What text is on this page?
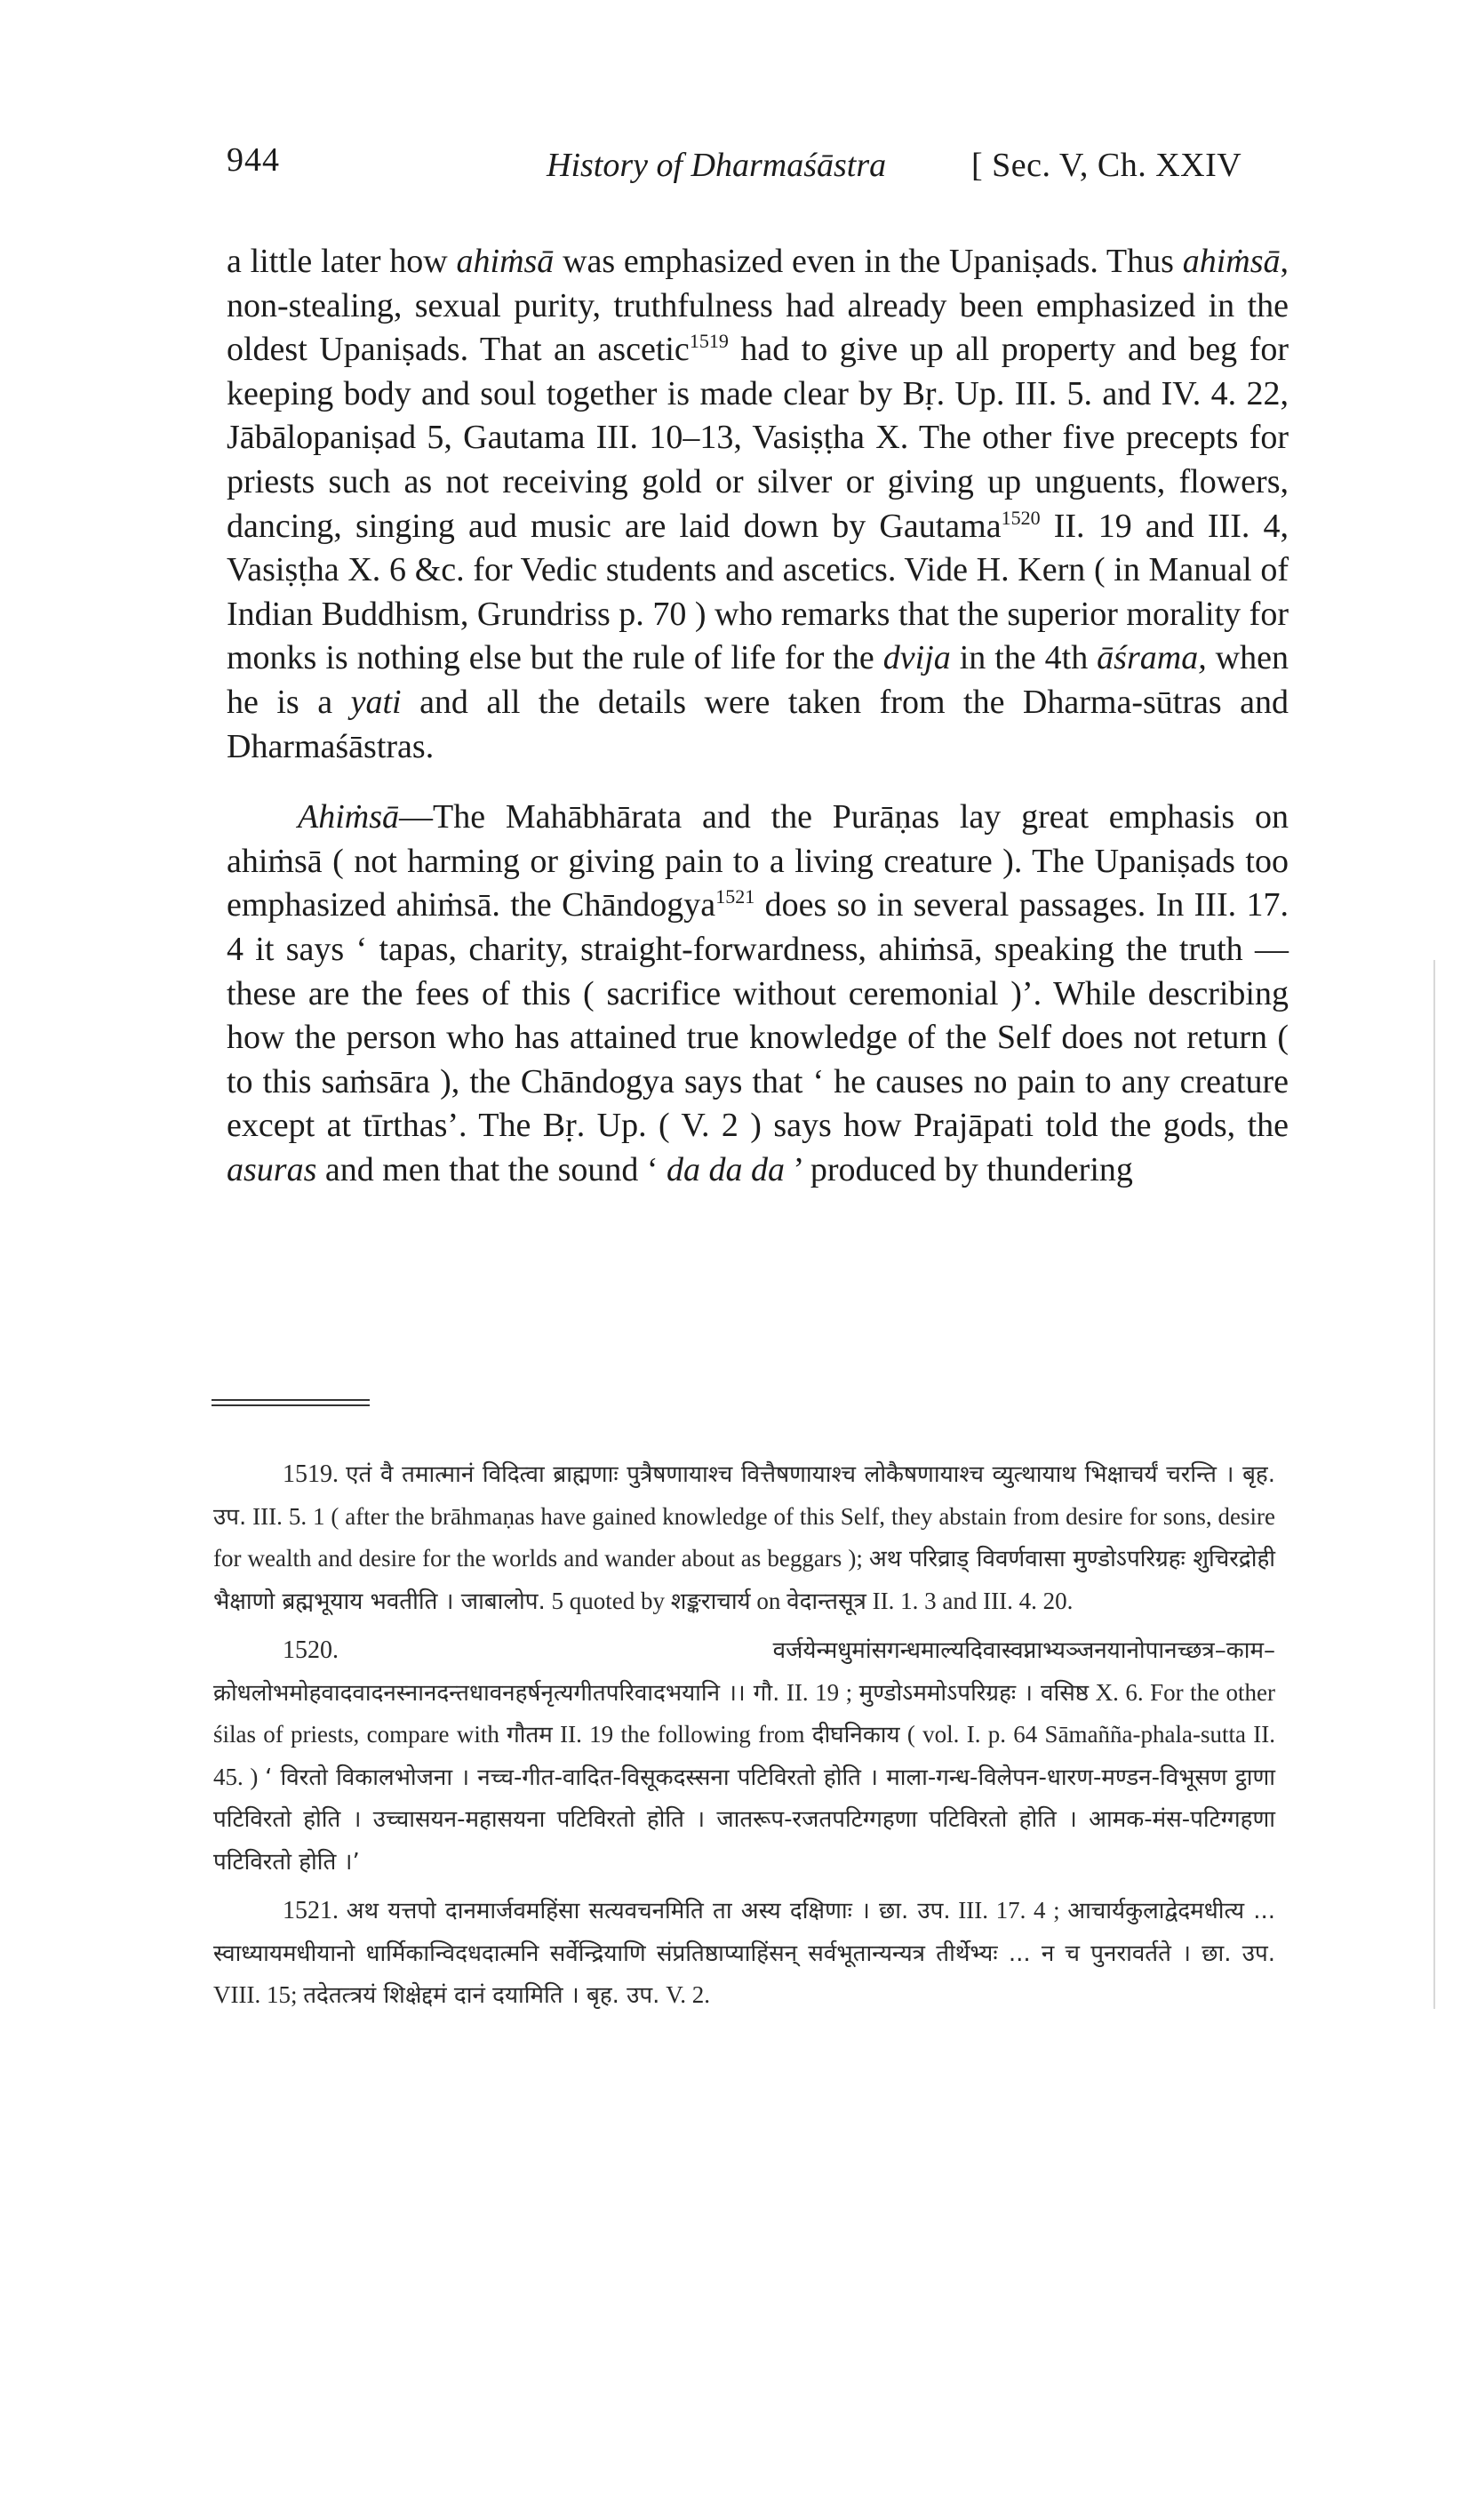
944	History of Dharmaśāstra	[ Sec. V, Ch. XXIV

a little later how ahiṁsā was emphasized even in the Upaniṣads. Thus ahiṁsā, non-stealing, sexual purity, truthfulness had already been emphasized in the oldest Upaniṣads. That an ascetic$^{1519}$ had to give up all property and beg for keeping body and soul together is made clear by Bṛ. Up. III. 5. and IV. 4. 22, Jābālopaniṣad 5, Gautama III. 10–13, Vasiṣṭha X. The other five precepts for priests such as not receiving gold or silver or giving up unguents, flowers, dancing, singing aud music are laid down by Gautama$^{1520}$ II. 19 and III. 4, Vasiṣṭha X. 6 &c. for Vedic students and ascetics. Vide H. Kern ( in Manual of Indian Buddhism, Grundriss p. 70 ) who remarks that the superior morality for monks is nothing else but the rule of life for the dvija in the 4th āśrama, when he is a yati and all the details were taken from the Dharma-sūtras and Dharmaśāstras.

Ahiṁsā—The Mahābhārata and the Purāṇas lay great emphasis on ahiṁsā ( not harming or giving pain to a living creature ). The Upaniṣads too emphasized ahiṁsā. the Chāndogya$^{1521}$ does so in several passages. In III. 17. 4 it says ‘ tapas, charity, straight-forwardness, ahiṁsā, speaking the truth — these are the fees of this ( sacrifice without ceremonial )’. While describing how the person who has attained true knowledge of the Self does not return ( to this saṁsāra ), the Chāndogya says that ‘ he causes no pain to any creature except at tīrthas’. The Bṛ. Up. ( V. 2 ) says how Prajāpati told the gods, the asuras and men that the sound ‘ da da da ’ produced by thundering

1519. एतं वै तमात्मानं विदित्वा ब्राह्मणाः पुत्रैषणायाश्च वित्तैषणायाश्च लोकैषणायाश्च व्युत्थायाथ भिक्षाचर्यं चरन्ति । बृह. उप. III. 5. 1 ( after the brāhmaṇas have gained knowledge of this Self, they abstain from desire for sons, desire for wealth and desire for the worlds and wander about as beggars ); अथ परिव्राड् विवर्णवासा मुण्डोऽपरिग्रहः शुचिरद्रोही भैक्षाणो ब्रह्मभूयाय भवतीति । जाबालोप. 5 quoted by शङ्कराचार्य on वेदान्तसूत्र II. 1. 3 and III. 4. 20.

1520.	वर्जयेन्मधुमांसगन्धमाल्यदिवास्वप्नाभ्यञ्जनयानोपानच्छत्र–काम–क्रोधलोभमोहवादवादनस्नानदन्तधावनहर्षनृत्यगीतपरिवादभयानि ।। गौ. II. 19 ; मुण्डोऽममोऽपरिग्रहः । वसिष्ठ X. 6. For the other śilas of priests, compare with गौतम II. 19 the following from दीघनिकाय ( vol. I. p. 64 Sāmañña-phala-sutta II. 45. ) ‘ विरतो विकालभोजना । नच्च-गीत-वादित-विसूकदस्सना पटिविरतो होति । माला-गन्ध-विलेपन-धारण-मण्डन-विभूसण ट्ठाणा पटिविरतो होति । उच्चासयन-महासयना पटिविरतो होति । जातरूप-रजतपटिग्गहणा पटिविरतो होति । आमक-मंस-पटिग्गहणा पटिविरतो होति ।’

1521. अथ यत्तपो दानमार्जवमहिंसा सत्यवचनमिति ता अस्य दक्षिणाः । छा. उप. III. 17. 4 ; आचार्यकुलाद्वेदमधीत्य ... स्वाध्यायमधीयानो धार्मिकान्विदधदात्मनि सर्वेन्द्रियाणि संप्रतिष्ठाप्याहिंसन् सर्वभूतान्यन्यत्र तीर्थेभ्यः ... न च पुनरावर्तते । छा. उप. VIII. 15; तदेतत्त्रयं शिक्षेद्दमं दानं दयामिति । बृह. उप. V. 2.
